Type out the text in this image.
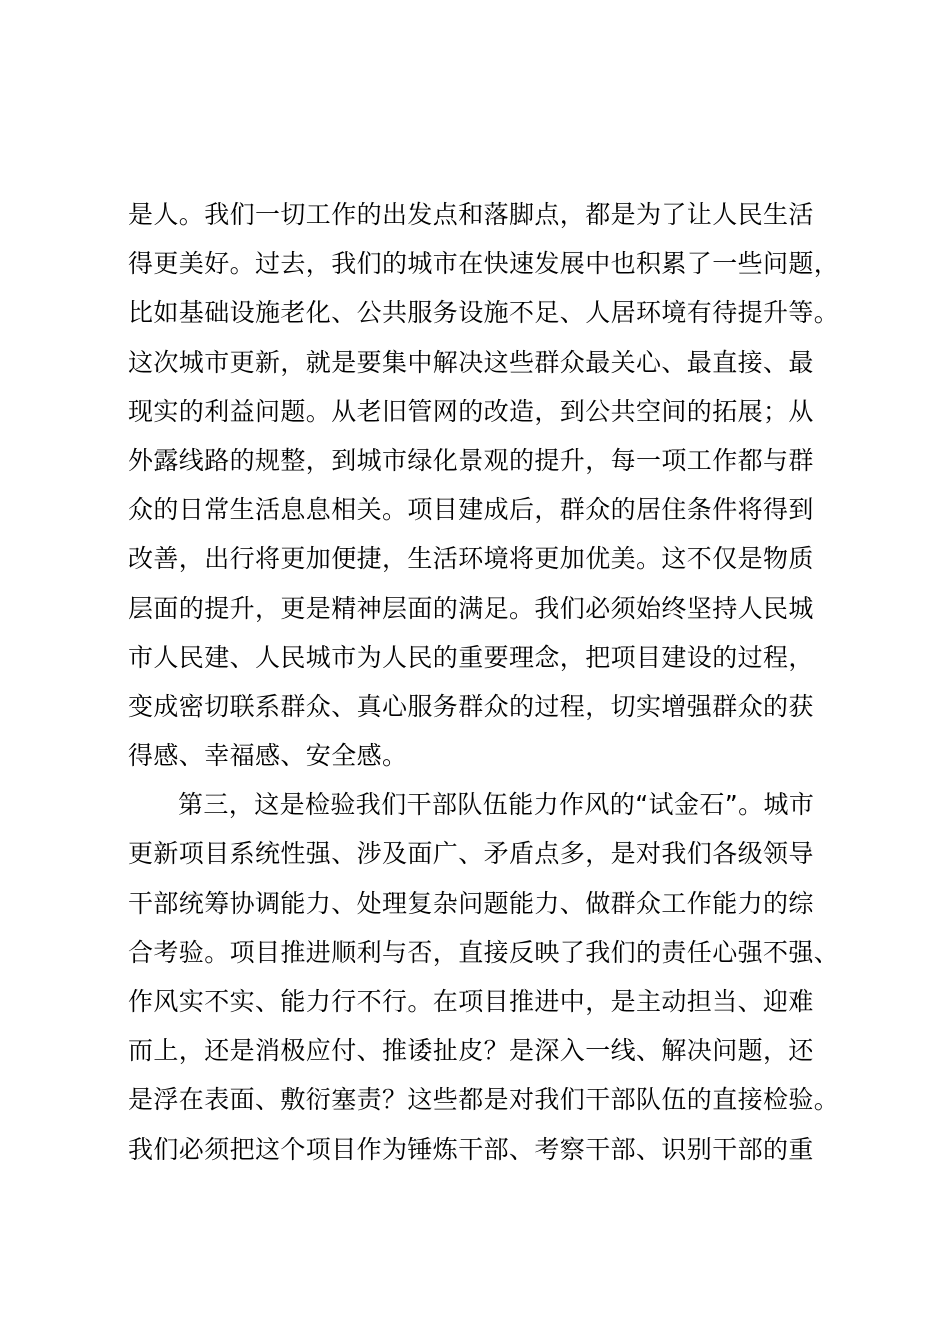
是人。我们一切工作的出发点和落脚点，都是为了让人民生活
得更美好。过去，我们的城市在快速发展中也积累了一些问题，
比如基础设施老化、公共服务设施不足、人居环境有待提升等。
这次城市更新，就是要集中解决这些群众最关心、最直接、最
现实的利益问题。从老旧管网的改造，到公共空间的拓展；从
外露线路的规整，到城市绿化景观的提升，每一项工作都与群
众的日常生活息息相关。项目建成后，群众的居住条件将得到
改善，出行将更加便捷，生活环境将更加优美。这不仅是物质
层面的提升，更是精神层面的满足。我们必须始终坚持人民城
市人民建、人民城市为人民的重要理念，把项目建设的过程，
变成密切联系群众、真心服务群众的过程，切实增强群众的获
得感、幸福感、安全感。
第三，这是检验我们干部队伍能力作风的“试金石”。城市
更新项目系统性强、涉及面广、矛盾点多，是对我们各级领导
干部统筹协调能力、处理复杂问题能力、做群众工作能力的综
合考验。项目推进顺利与否，直接反映了我们的责任心强不强、
作风实不实、能力行不行。在项目推进中，是主动担当、迎难
而上，还是消极应付、推诿扯皮？是深入一线、解决问题，还
是浮在表面、敷衍塞责？这些都是对我们干部队伍的直接检验。
我们必须把这个项目作为锤炼干部、考察干部、识别干部的重
